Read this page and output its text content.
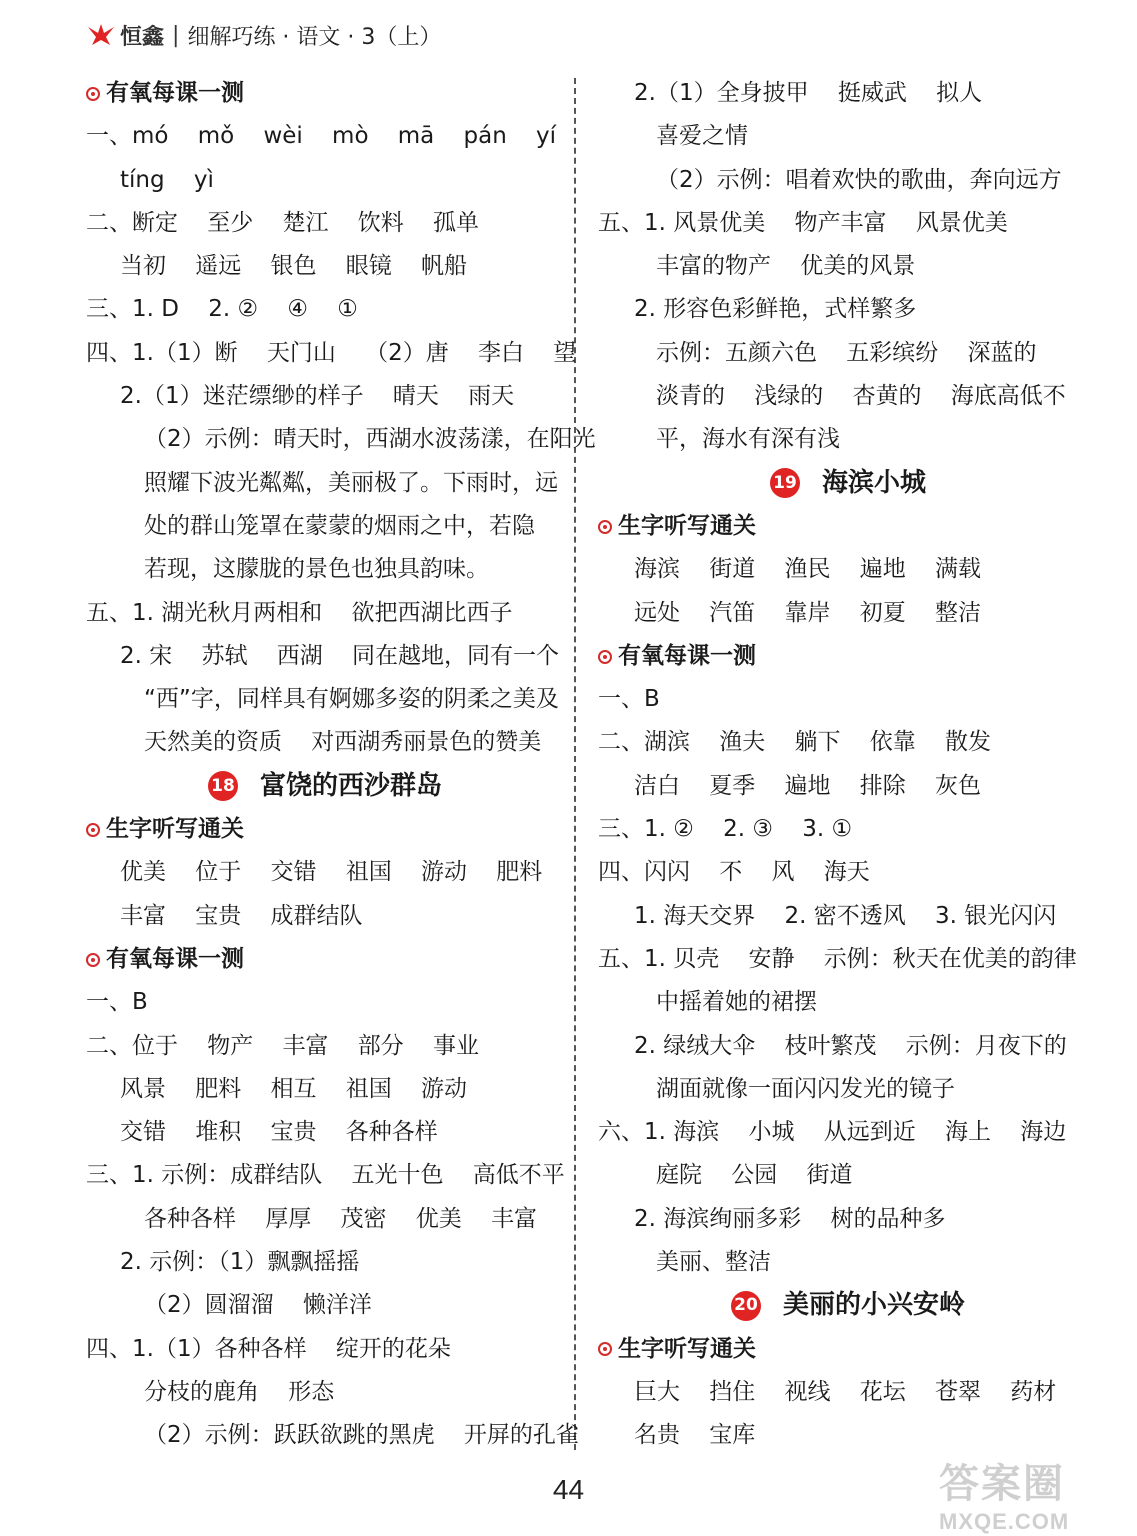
恒鑫 | 细解巧练 · 语文 · 3（上）
有氧每课一测
一、mó    mǒ    wèi    mò    mā    pán    yí
tíng    yì
二、断定    至少    楚江    饮料    孤单
当初    遥远    银色    眼镜    帆船
三、1. D    2. ②    ④    ①
四、1.（1）断    天门山    （2）唐    李白    望
2.（1）迷茫缥缈的样子    晴天    雨天
（2）示例：晴天时，西湖水波荡漾，在阳光
照耀下波光粼粼，美丽极了。下雨时，远
处的群山笼罩在蒙蒙的烟雨之中，若隐
若现，这朦胧的景色也独具韵味。
五、1. 湖光秋月两相和    欲把西湖比西子
2. 宋    苏轼    西湖    同在越地，同有一个
“西”字，同样具有婀娜多姿的阴柔之美及
天然美的资质    对西湖秀丽景色的赞美
18 富饶的西沙群岛
生字听写通关
优美    位于    交错    祖国    游动    肥料
丰富    宝贵    成群结队
有氧每课一测
一、B
二、位于    物产    丰富    部分    事业
风景    肥料    相互    祖国    游动
交错    堆积    宝贵    各种各样
三、1. 示例：成群结队    五光十色    高低不平
各种各样    厚厚    茂密    优美    丰富
2. 示例：（1）飘飘摇摇
（2）圆溜溜    懒洋洋
四、1.（1）各种各样    绽开的花朵
分枝的鹿角    形态
（2）示例：跃跃欲跳的黑虎    开屏的孔雀
2.（1）全身披甲    挺威武    拟人
喜爱之情
（2）示例：唱着欢快的歌曲，奔向远方
五、1. 风景优美    物产丰富    风景优美
丰富的物产    优美的风景
2. 形容色彩鲜艳，式样繁多
示例：五颜六色    五彩缤纷    深蓝的
淡青的    浅绿的    杏黄的    海底高低不
平，海水有深有浅
19 海滨小城
生字听写通关
海滨    街道    渔民    遍地    满载
远处    汽笛    靠岸    初夏    整洁
有氧每课一测
一、B
二、湖滨    渔夫    躺下    依靠    散发
洁白    夏季    遍地    排除    灰色
三、1. ②    2. ③    3. ①
四、闪闪    不    风    海天
1. 海天交界    2. 密不透风    3. 银光闪闪
五、1. 贝壳    安静    示例：秋天在优美的韵律
中摇着她的裙摆
2. 绿绒大伞    枝叶繁茂    示例：月夜下的
湖面就像一面闪闪发光的镜子
六、1. 海滨    小城    从远到近    海上    海边
庭院    公园    街道
2. 海滨绚丽多彩    树的品种多
美丽、整洁
20 美丽的小兴安岭
生字听写通关
巨大    挡住    视线    花坛    苍翠    药材
名贵    宝库
44	答案圈
MXQE.COM
